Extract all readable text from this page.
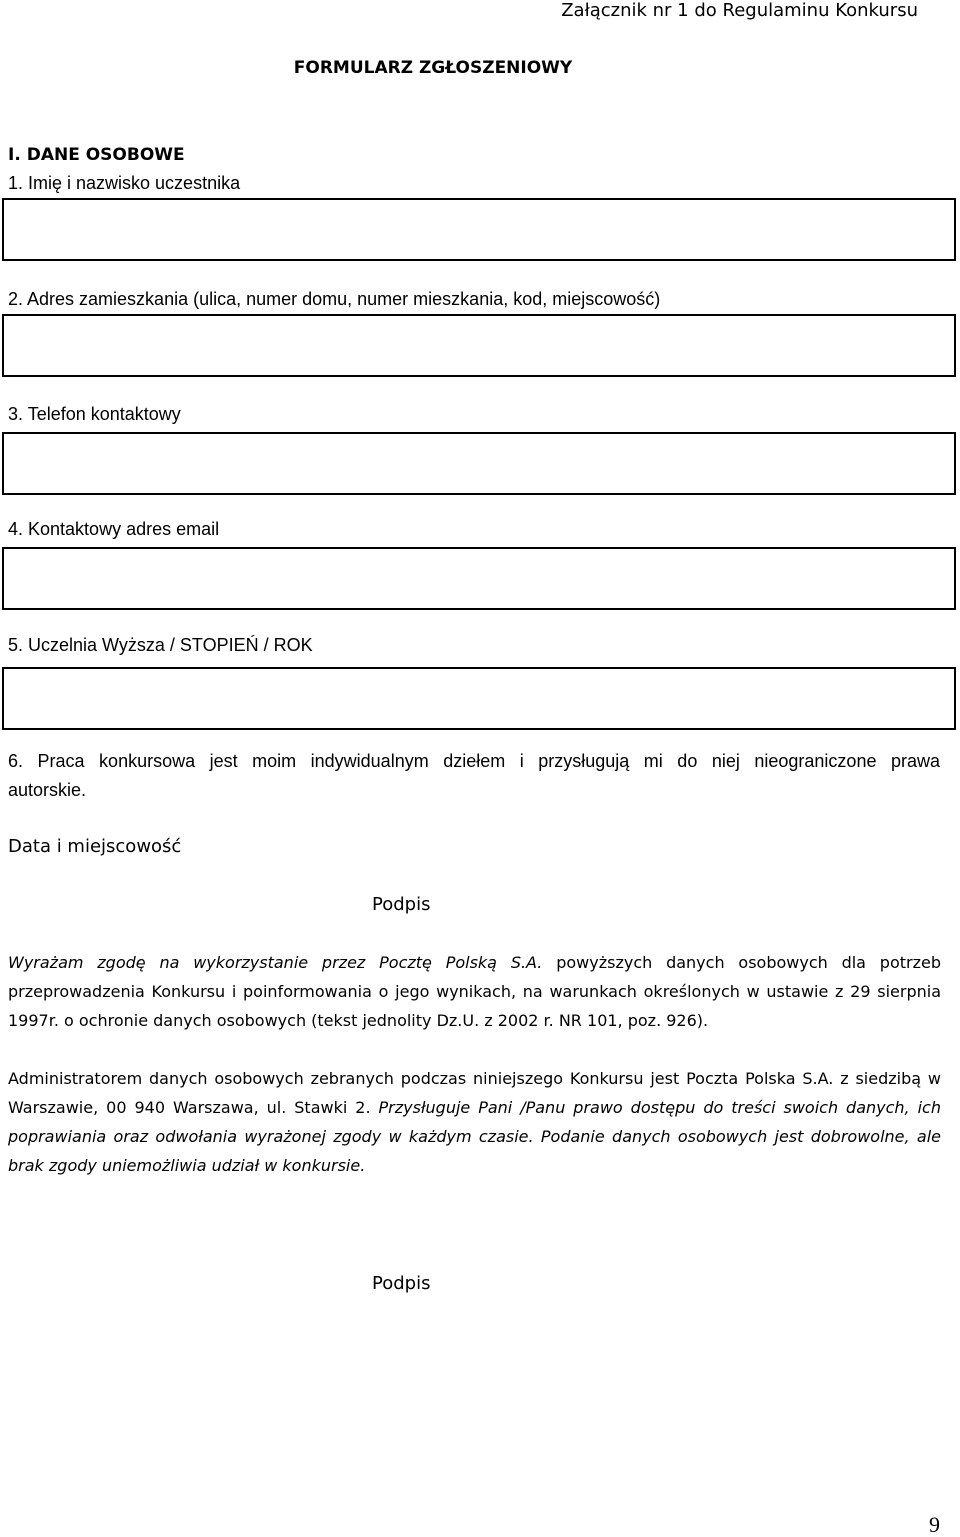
Załącznik nr 1 do Regulaminu Konkursu
FORMULARZ ZGŁOSZENIOWY
I. DANE OSOBOWE
1. Imię i nazwisko uczestnika
2. Adres zamieszkania (ulica, numer domu, numer mieszkania, kod, miejscowość)
3. Telefon kontaktowy
4. Kontaktowy adres email
5. Uczelnia Wyższa / STOPIEŃ / ROK
6. Praca konkursowa jest moim indywidualnym dziełem i przysługują mi do niej nieograniczone prawa
autorskie.
Data i miejscowość
Podpis
Wyrażam zgodę na wykorzystanie przez Pocztę Polską S.A. powyższych danych osobowych dla potrzeb przeprowadzenia Konkursu i poinformowania o jego wynikach, na warunkach określonych w ustawie z 29 sierpnia 1997r. o ochronie danych osobowych (tekst jednolity Dz.U. z 2002 r. NR 101, poz. 926).
Administratorem danych osobowych zebranych podczas niniejszego Konkursu jest Poczta Polska S.A. z siedzibą w Warszawie, 00 940 Warszawa, ul. Stawki 2. Przysługuje Pani /Panu prawo dostępu do treści swoich danych, ich poprawiania oraz odwołania wyrażonej zgody w każdym czasie. Podanie danych osobowych jest dobrowolne, ale brak zgody uniemożliwia udział w konkursie.
Podpis
9
